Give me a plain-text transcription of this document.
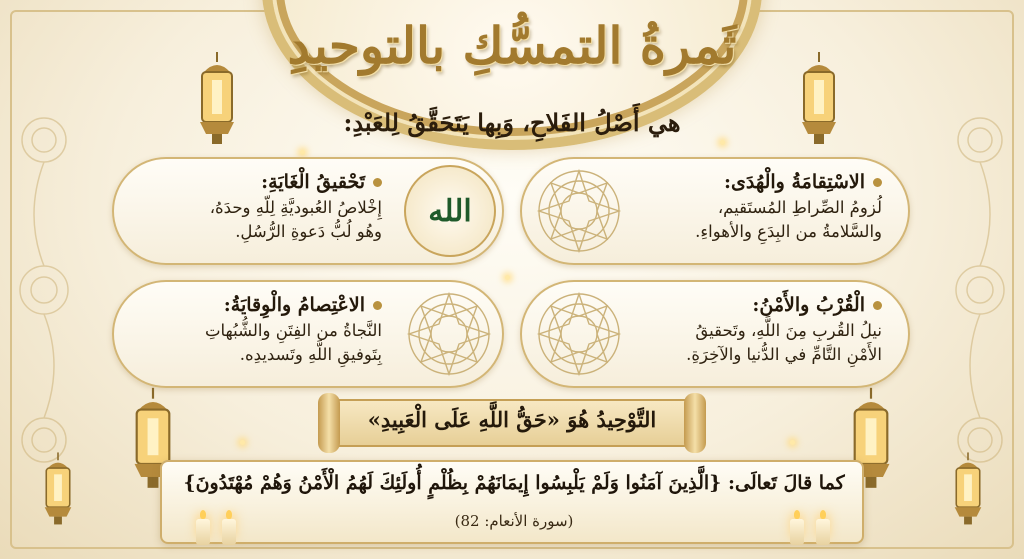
ثَمرةُ التمسُّكِ بالتوحيدِ
هي أَصْلُ الفَلاحِ، وَبِها يَتَحَقَّقُ لِلعَبْدِ:
الاسْتِقامَةُ والْهُدَى:

لُزومُ الصِّراطِ المُستَقيم،

والسَّلامةُ من البِدَعِ والأهواءِ.

الله
تَحْقيقُ الْغَايَةِ:

إِخْلاصُ العُبوديَّةِ لِلّهِ وحدَهُ،

وهُو لُبُّ دَعوةِ الرُّسُلِ.

الْقُرْبُ والأَمْنُ:

نيلُ القُربِ مِنَ اللَّهِ، وتَحقيقُ

الأَمْنِ التَّامِّ في الدُّنيا والآخِرَةِ.

الاعْتِصامُ والْوِقايَةُ:

النَّجاةُ من الفِتَنِ والشُّبُهاتِ

بِتَوفيقِ اللَّهِ وتَسديدِه.

التَّوْحِيدُ هُوَ «حَقُّ اللَّهِ عَلَى الْعَبِيدِ»
كما قالَ تَعالَى: {الَّذِينَ آمَنُوا وَلَمْ يَلْبِسُوا إِيمَانَهُمْ بِظُلْمٍ أُولَئِكَ لَهُمُ الْأَمْنُ وَهُمْ مُهْتَدُونَ}
(سورة الأنعام: 82)
